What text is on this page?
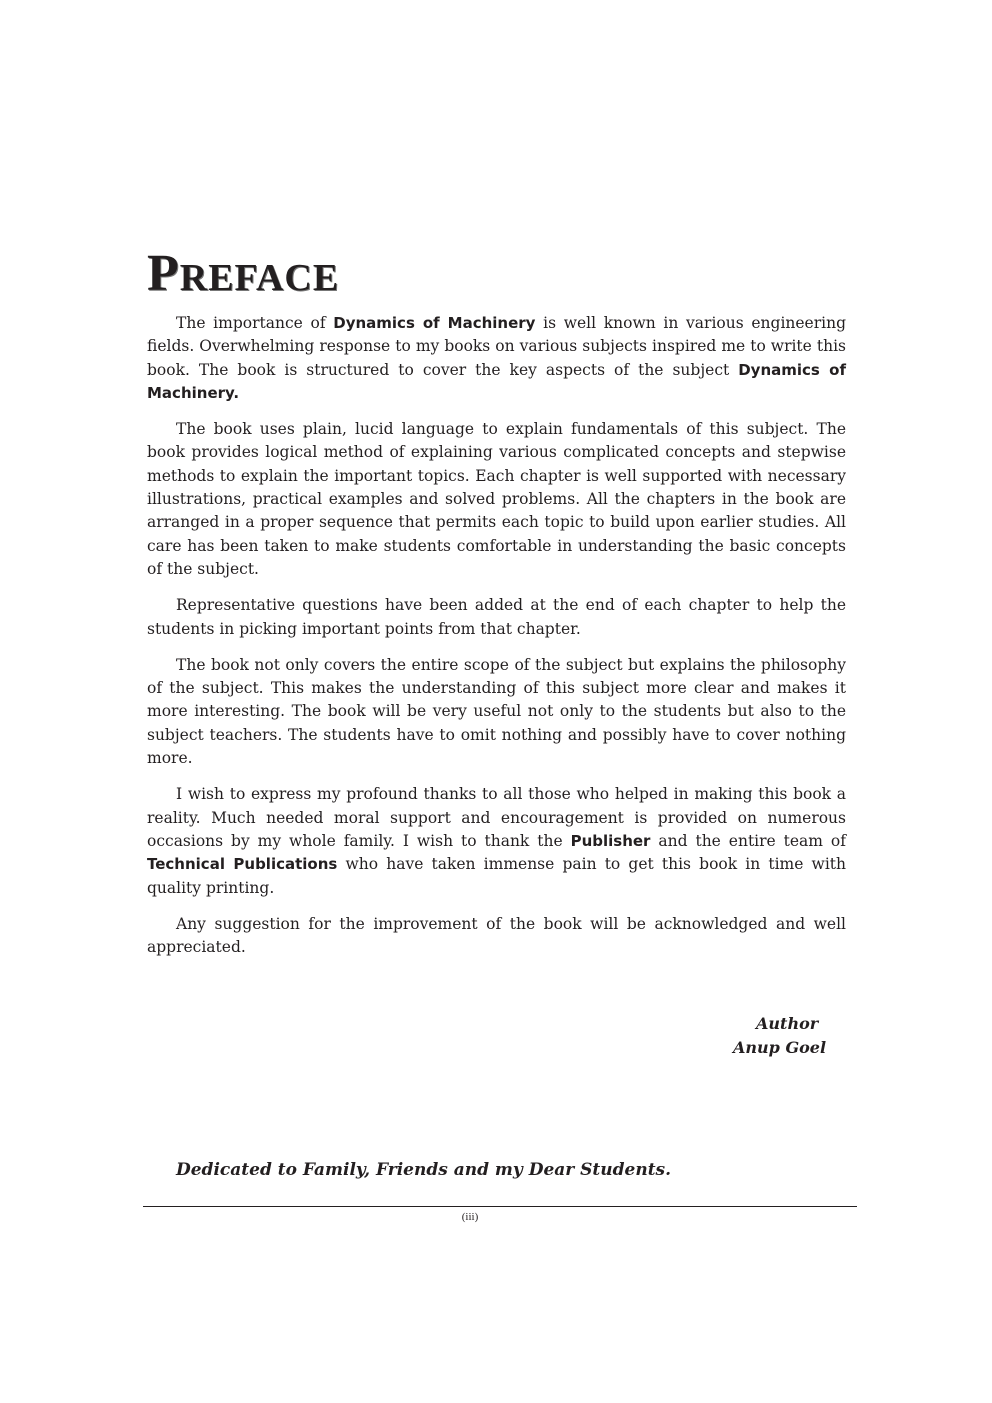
PREFACE

The importance of Dynamics of Machinery is well known in various engineering fields. Overwhelming response to my books on various subjects inspired me to write this book. The book is structured to cover the key aspects of the subject Dynamics of Machinery.

The book uses plain, lucid language to explain fundamentals of this subject. The book provides logical method of explaining various complicated concepts and stepwise methods to explain the important topics. Each chapter is well supported with necessary illustrations, practical examples and solved problems. All the chapters in the book are arranged in a proper sequence that permits each topic to build upon earlier studies. All care has been taken to make students comfortable in understanding the basic concepts of the subject.

Representative questions have been added at the end of each chapter to help the students in picking important points from that chapter.

The book not only covers the entire scope of the subject but explains the philosophy of the subject. This makes the understanding of this subject more clear and makes it more interesting. The book will be very useful not only to the students but also to the subject teachers. The students have to omit nothing and possibly have to cover nothing more.

I wish to express my profound thanks to all those who helped in making this book a reality. Much needed moral support and encouragement is provided on numerous occasions by my whole family. I wish to thank the Publisher and the entire team of Technical Publications who have taken immense pain to get this book in time with quality printing.

Any suggestion for the improvement of the book will be acknowledged and well appreciated.

Author
Anup Goel
Dedicated to Family, Friends and my Dear Students.
(iii)
